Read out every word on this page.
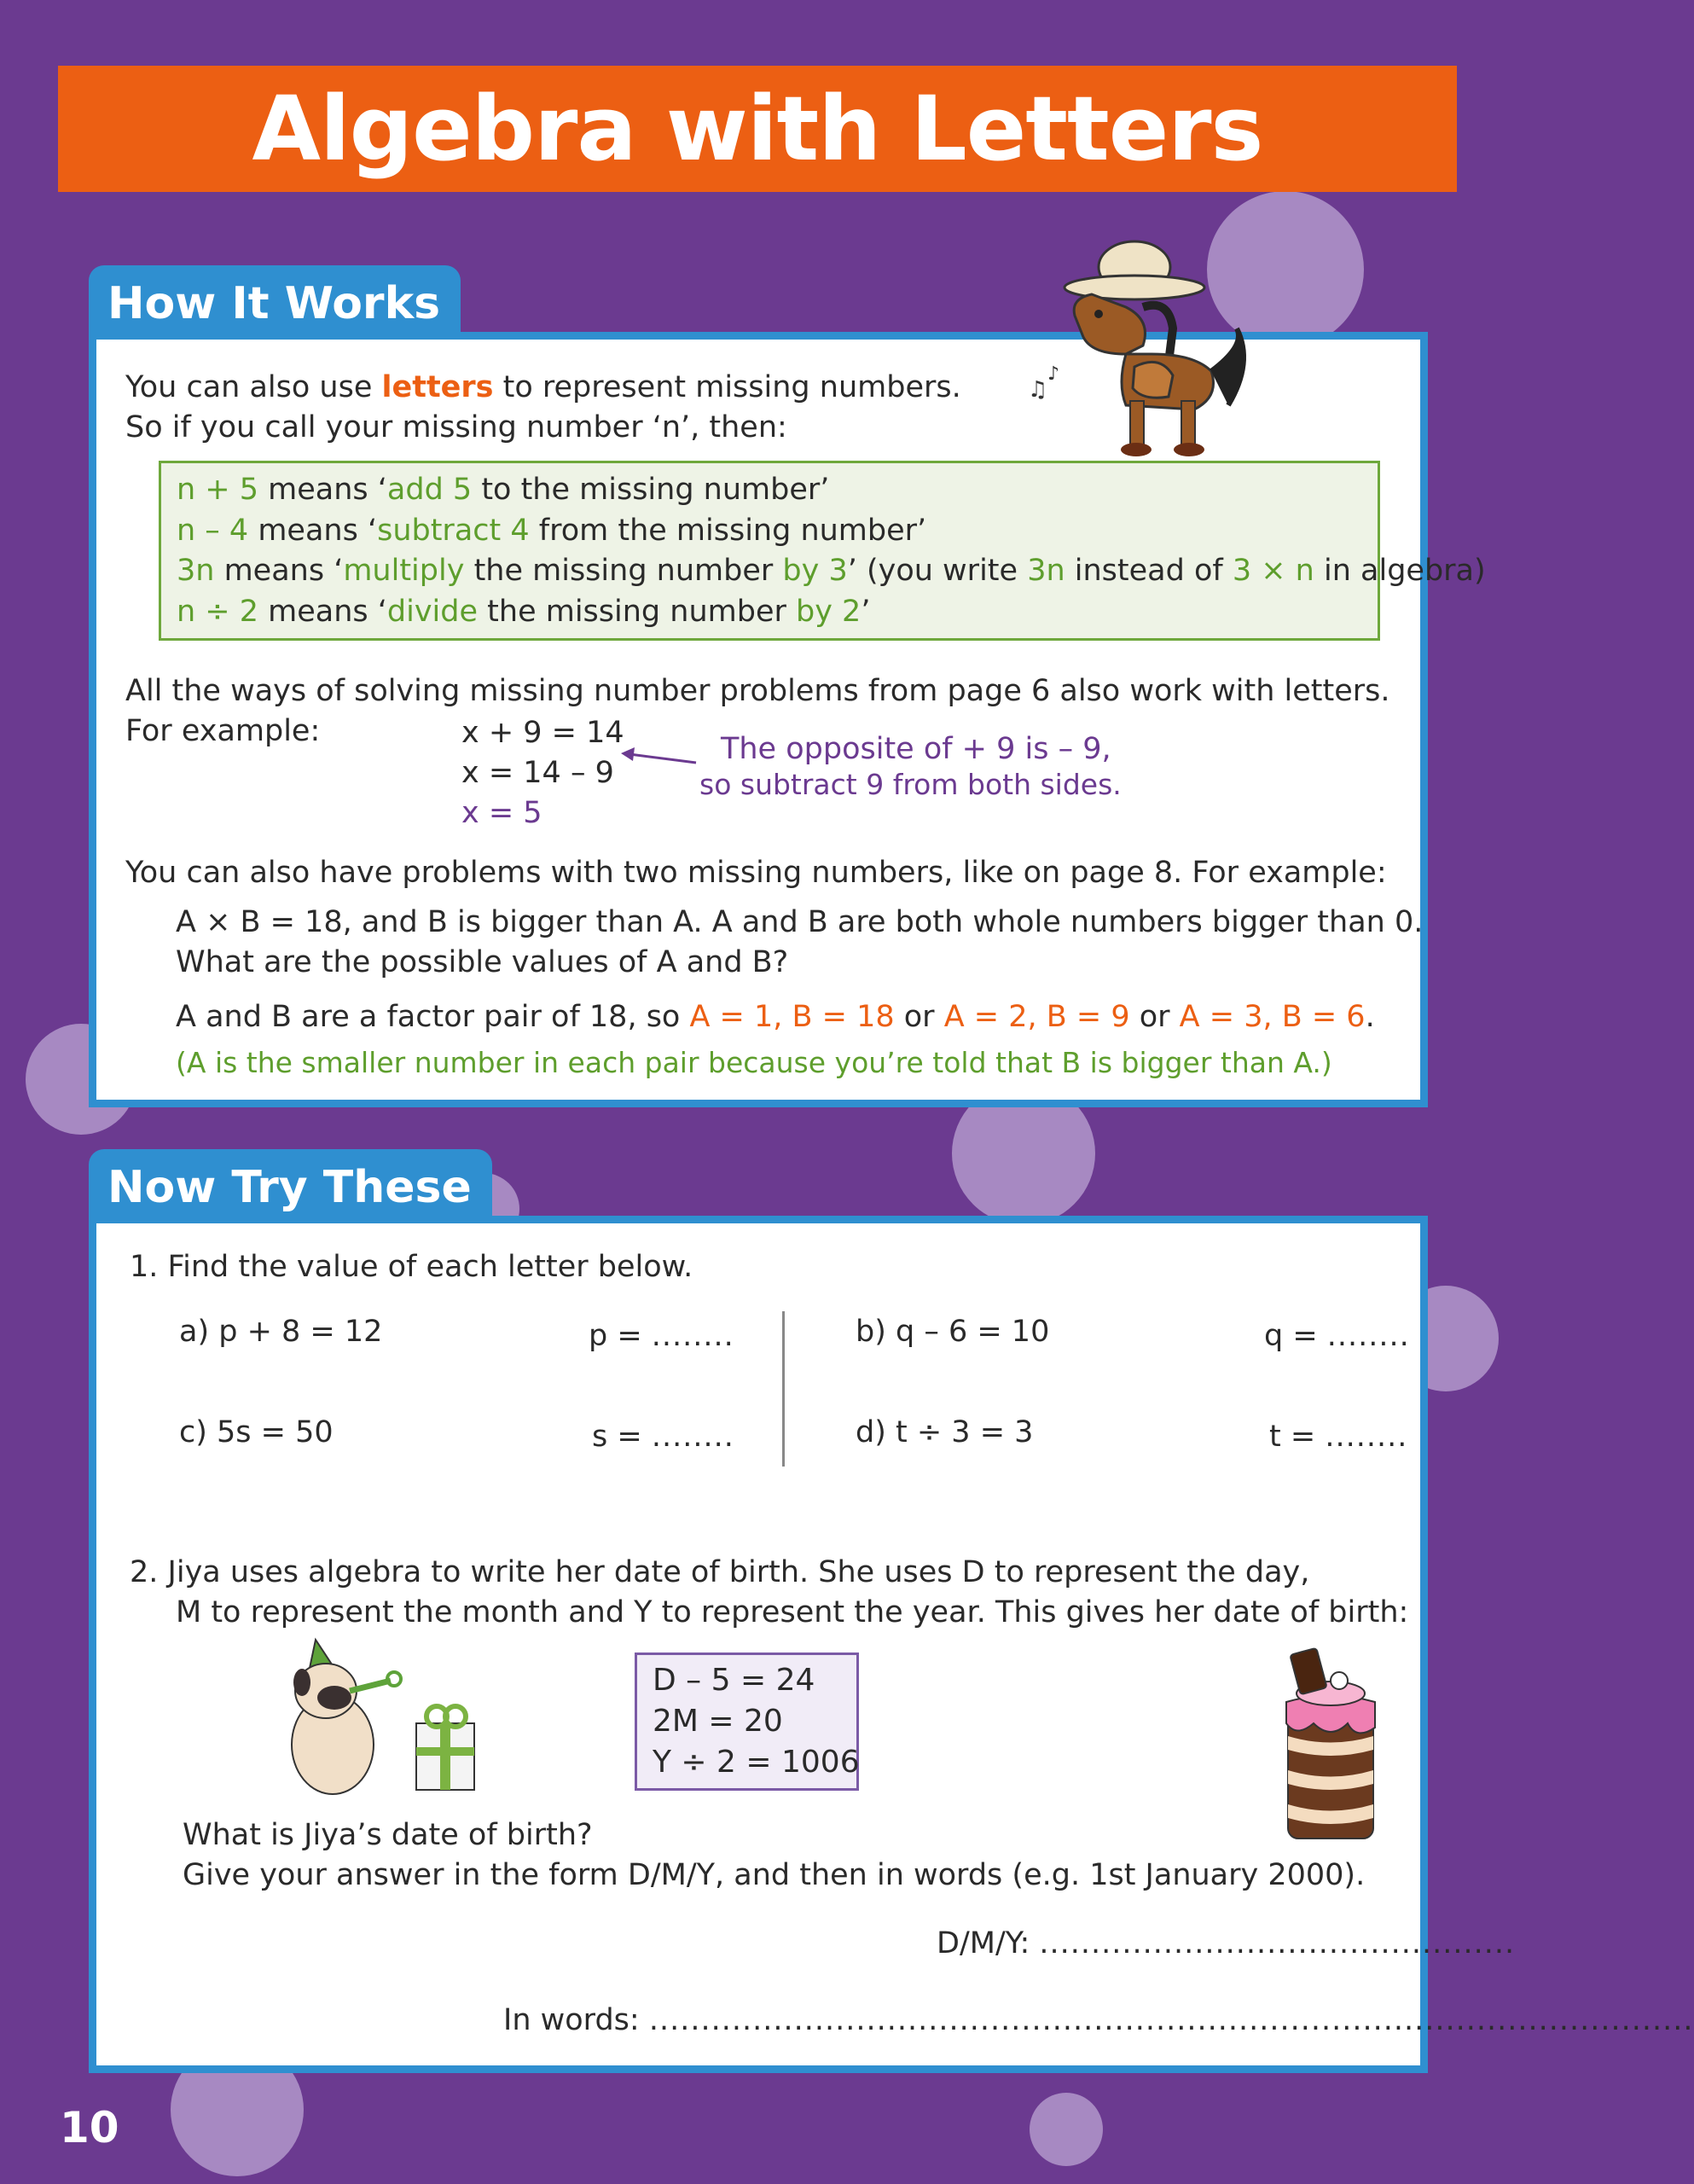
Algebra with Letters
How It Works
♫
♪
You can also use letters to represent missing numbers.
So if you call your missing number ‘n’, then:
n + 5 means ‘add 5 to the missing number’
n – 4 means ‘subtract 4 from the missing number’
3n means ‘multiply the missing number by 3’ (you write 3n instead of 3 × n in algebra)
n ÷ 2 means ‘divide the missing number by 2’
All the ways of solving missing number problems from page 6 also work with letters.
For example:	x + 9 = 14
x = 14 – 9
x = 5
The opposite of + 9 is – 9,
so subtract 9 from both sides.
You can also have problems with two missing numbers, like on page 8. For example:
A × B = 18, and B is bigger than A. A and B are both whole numbers bigger than 0.
What are the possible values of A and B?
A and B are a factor pair of 18, so A = 1, B = 18 or A = 2, B = 9 or A = 3, B = 6.
(A is the smaller number in each pair because you’re told that B is bigger than A.)
Now Try These
1. Find the value of each letter below.
a) p + 8 = 12	p = ........	b) q – 6 = 10	q = ........
c) 5s = 50	s = ........	d) t ÷ 3 = 3	t = ........
2. Jiya uses algebra to write her date of birth. She uses D to represent the day,
M to represent the month and Y to represent the year. This gives her date of birth:
D – 5 = 24
2M = 20
Y ÷ 2 = 1006
What is Jiya’s date of birth?
Give your answer in the form D/M/Y, and then in words (e.g. 1st January 2000).
D/M/Y: ..............................................
In words: .....................................................................................................
10
